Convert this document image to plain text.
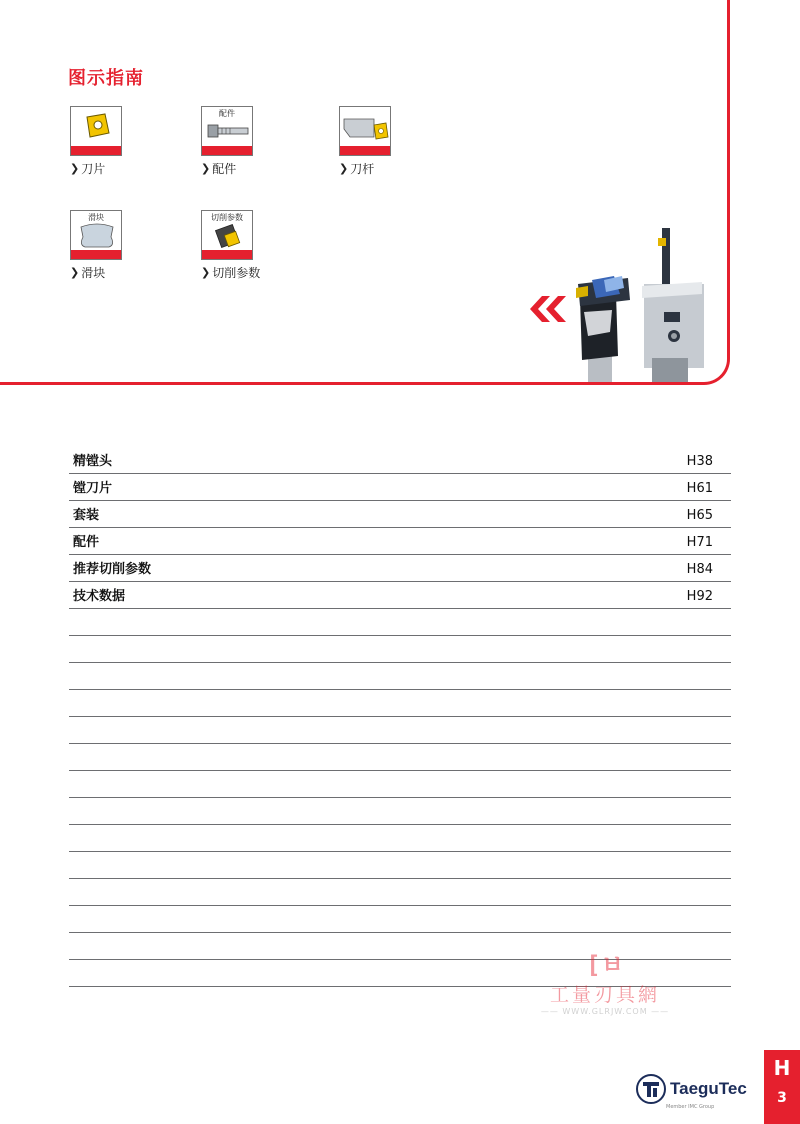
图示指南
❯ 刀片
配件
❯ 配件	❯ 刀杆
滑块
❯ 滑块
切削参数
❯ 切削参数
精镗头	H38
镗刀片	H61
套装	H65
配件	H71
推荐切削参数	H84
技术数据	H92
[ㅂ
工量刃具網
—— WWW.GLRJW.COM ——
TaeguTec
Member IMC Group
H
3
